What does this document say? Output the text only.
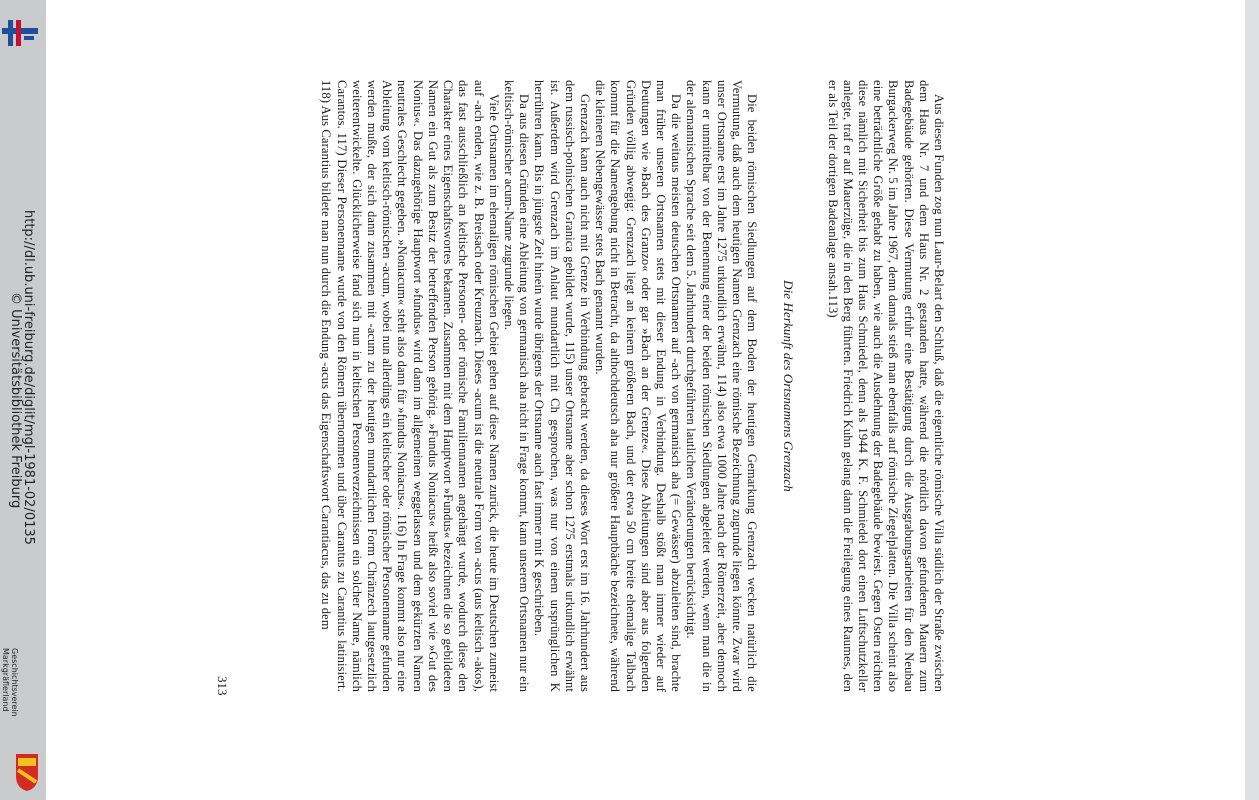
http://dl.ub.uni-freiburg.de/diglit/mgl-1981-02/0135
© Universitätsbibliothek Freiburg
Geschichtsverein Markgräflerland	Aus diesen Funden zog nun Laur-Belart den Schluß, daß die eigentliche römische Villa südlich der Straße zwischen dem Haus Nr. 7 und dem Haus Nr. 2 gestanden hatte, während die nördlich davon gefundenen Mauern zum Badegebäude gehörten. Diese Vermutung erfuhr eine Bestätigung durch die Ausgrabungsarbeiten für den Neubau Burgackerweg Nr. 5 im Jahre 1967, denn damals stieß man ebenfalls auf römische Ziegelplatten. Die Villa scheint also eine beträchtliche Größe gehabt zu haben, wie auch die Ausdehnung der Badegebäude bewiest. Gegen Osten reichten diese nämlich mit Sicherheit bis zum Haus Schmiedel, denn als 1944 K. F. Schmiedel dort einen Luftschutzkeller anlegte, traf er auf Mauerzüge, die in den Berg führten. Friedrich Kuhn gelang dann die Freilegung eines Raumes, den er als Teil der dortigen Badeanlage ansah.113)

Die Herkunft des Ortsnamens Grenzach

Die beiden römischen Siedlungen auf dem Boden der heutigen Gemarkung Grenzach wecken natürlich die Vermutung, daß auch dem heutigen Namen Grenzach eine römische Bezeichnung zugrunde liegen könnte. Zwar wird unser Ortsname erst im Jahre 1275 urkundlich erwähnt, 114) also etwa 1000 Jahre nach der Römerzeit, aber dennoch kann er unmittelbar von der Benennung einer der beiden römischen Siedlungen abgeleitet werden, wenn man die in der alemannischen Sprache seit dem 5. Jahrhundert durchgeführten lautlichen Veränderungen berücksichtigt.

Da die weitaus meisten deutschen Ortsnamen auf -ach von germanisch aha (= Gewässer) abzuleiten sind, brachte man früher unseren Ortsnamen stets mit dieser Endung in Verbindung. Deshalb stößt man immer wieder auf Deutungen wie »Bach des Granzo« oder gar »Bach an der Grenze«. Diese Ableitungen sind aber aus folgenden Gründen völlig abwegig: Grenzach liegt an keinem größeren Bach, und der etwa 50 cm breite ehemalige Talbach kommt für die Namengebung nicht in Betracht, da althochdeutsch aha nur größere Hauptbäche bezeichnete, während die kleineren Nebengewässer stets Bach genannt wurden.

Grenzach kann auch nicht mit Grenze in Verbindung gebracht werden, da dieses Wort erst im 16. Jahrhundert aus dem russisch-polnischen Granica gebildet wurde, 115) unser Ortsname aber schon 1275 erstmals urkundlich erwähnt ist. Außerdem wird Grenzach im Anlaut mundartlich mit Ch gesprochen, was nur von einem ursprünglichen K herrühren kann. Bis in jüngste Zeit hinein wurde übrigens der Ortsname auch fast immer mit K geschrieben.

Da aus diesen Gründen eine Ableitung von germanisch aha nicht in Frage kommt, kann unserem Ortsnamen nur ein keltisch-römischer acum-Name zugrunde liegen.

Viele Ortsnamen im ehemaligen römischen Gebiet gehen auf diese Namen zurück, die heute im Deutschen zumeist auf -ach enden, wie z. B. Breisach oder Kreuznach. Dieses -acum ist die neutrale Form von -acus (aus keltisch -akos), das fast ausschließlich an keltische Personen- oder römische Familiennamen angehängt wurde, wodurch diese den Charakter eines Eigenschaftswortes bekamen. Zusammen mit dem Hauptwort »Fundus« bezeichnen die so gebildeten Namen ein Gut als zum Besitz der betreffenden Person gehörig. »Fundus Noniacus« heißt also soviel wie »Gut des Nonius«. Das dazugehörige Hauptwort »fundus« wird dann im allgemeinen weggelassen und dem gekürzten Namen neutrales Geschlecht gegeben. »Noniacum« steht also dann für »fundus Noniacus«. 116) In Frage kommt also nur eine Ableitung vom keltisch-römischen -acum, wobei nun allerdings ein keltischer oder römischer Personenname gefunden werden mußte, der sich dann zusammen mit -acum zu der heutigen mundartlichen Form Chränzech lautgesetzlich weiterentwickelte. Glücklicherweise fand sich nun in keltischen Personenverzeichnissen ein solcher Name, nämlich Carantos. 117) Dieser Personenname wurde von den Römern übernommen und über Carantus zu Carantius latinisiert. 118) Aus Carantius bildete man nun durch die Endung -acus das Eigenschaftswort Carantiacus, das zu dem

313
